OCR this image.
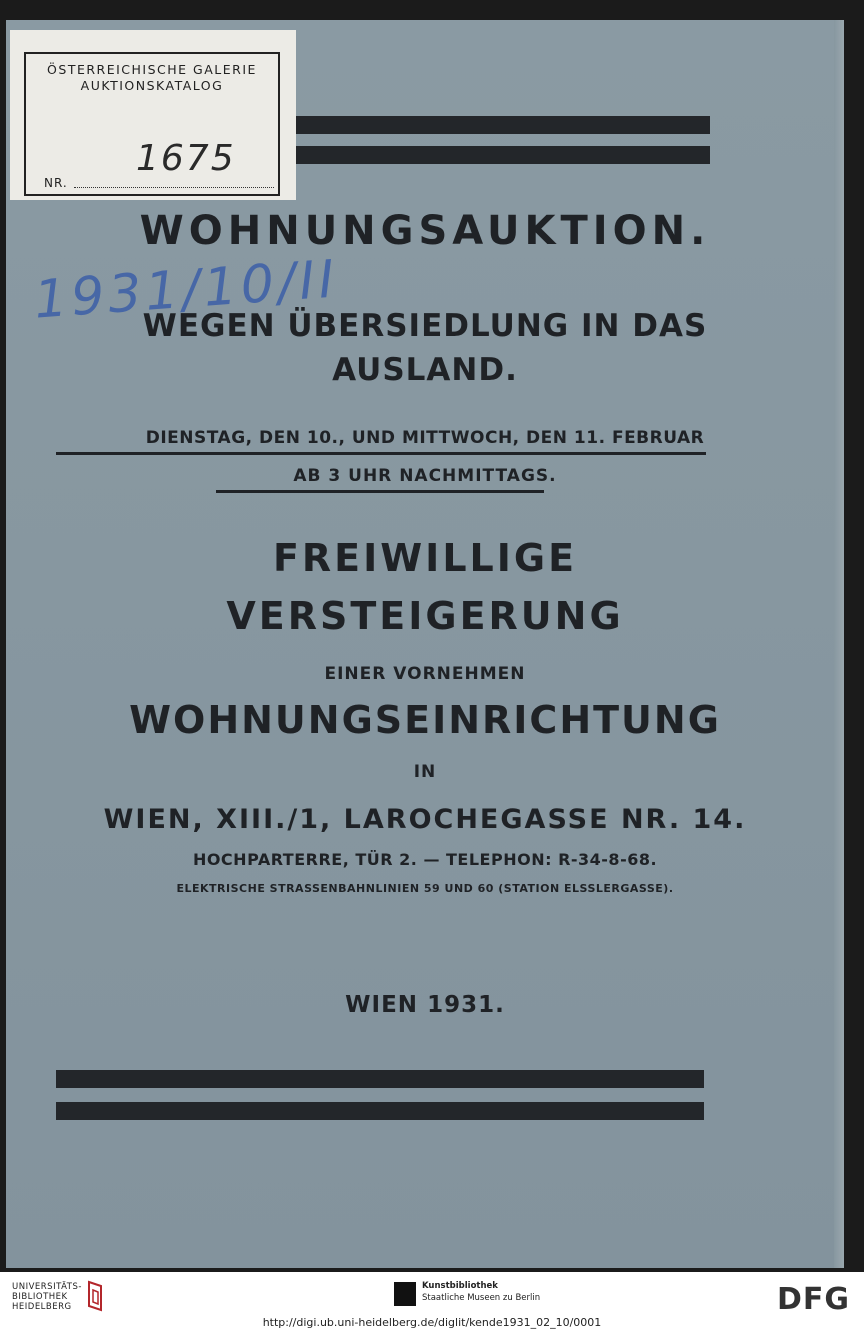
ÖSTERREICHISCHE GALERIE
AUKTIONSKATALOG
1675
NR.
1931/10/II
WOHNUNGSAUKTION.
WEGEN ÜBERSIEDLUNG IN DAS
AUSLAND.
DIENSTAG, DEN 10., UND MITTWOCH, DEN 11. FEBRUAR
AB 3 UHR NACHMITTAGS.
FREIWILLIGE
VERSTEIGERUNG
EINER VORNEHMEN
WOHNUNGSEINRICHTUNG
IN
WIEN, XIII./1, LAROCHEGASSE NR. 14.
HOCHPARTERRE, TÜR 2. — TELEPHON: R-34-8-68.
ELEKTRISCHE STRASSENBAHNLINIEN 59 UND 60 (STATION ELSSLERGASSE).
WIEN 1931.
UNIVERSITÄTS-
BIBLIOTHEK
HEIDELBERG
Kunstbibliothek
Staatliche Museen zu Berlin	DFG
http://digi.ub.uni-heidelberg.de/diglit/kende1931_02_10/0001
